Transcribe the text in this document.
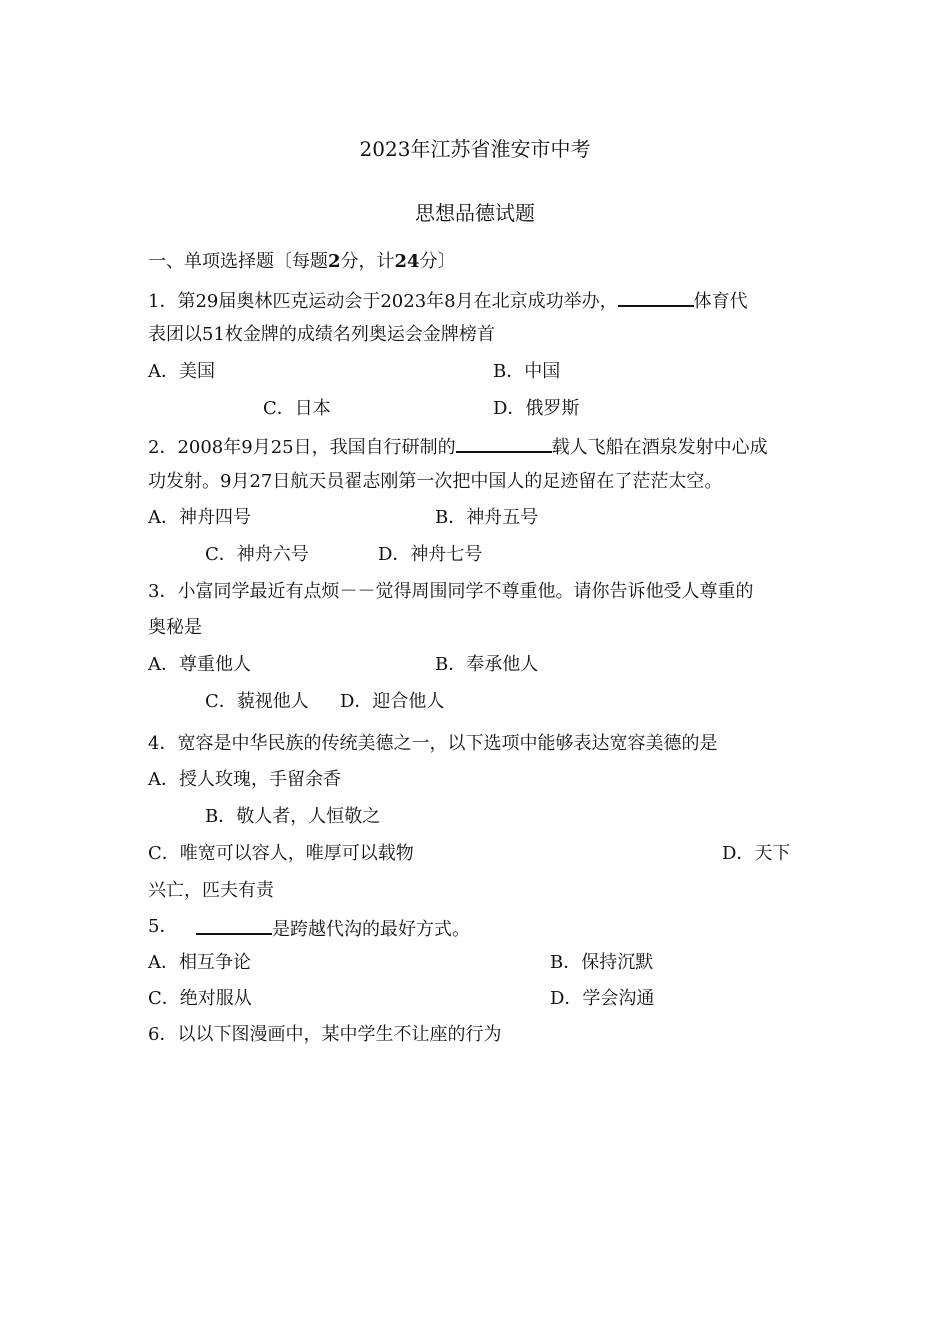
2023年江苏省淮安市中考
思想品德试题
一、单项选择题〔每题2分，计24分〕
1．第29届奥林匹克运动会于2023年8月在北京成功举办，	体育代
表团以51枚金牌的成绩名列奥运会金牌榜首
A．美国	B．中国
C．日本	D．俄罗斯
2．2008年9月25日，我国自行研制的	载人飞船在酒泉发射中心成
功发射。9月27日航天员翟志刚第一次把中国人的足迹留在了茫茫太空。
A．神舟四号	B．神舟五号
C．神舟六号	D．神舟七号
3．小富同学最近有点烦－－觉得周围同学不尊重他。请你告诉他受人尊重的
奥秘是
A．尊重他人	B．奉承他人
C．藐视他人 D．迎合他人
4．宽容是中华民族的传统美德之一，以下选项中能够表达宽容美德的是
A．授人玫瑰，手留余香
B．敬人者，人恒敬之
C．唯宽可以容人，唯厚可以载物	D．天下
兴亡，匹夫有责
5．	是跨越代沟的最好方式。
A．相互争论	B．保持沉默
C．绝对服从	D．学会沟通
6．以以下图漫画中，某中学生不让座的行为
